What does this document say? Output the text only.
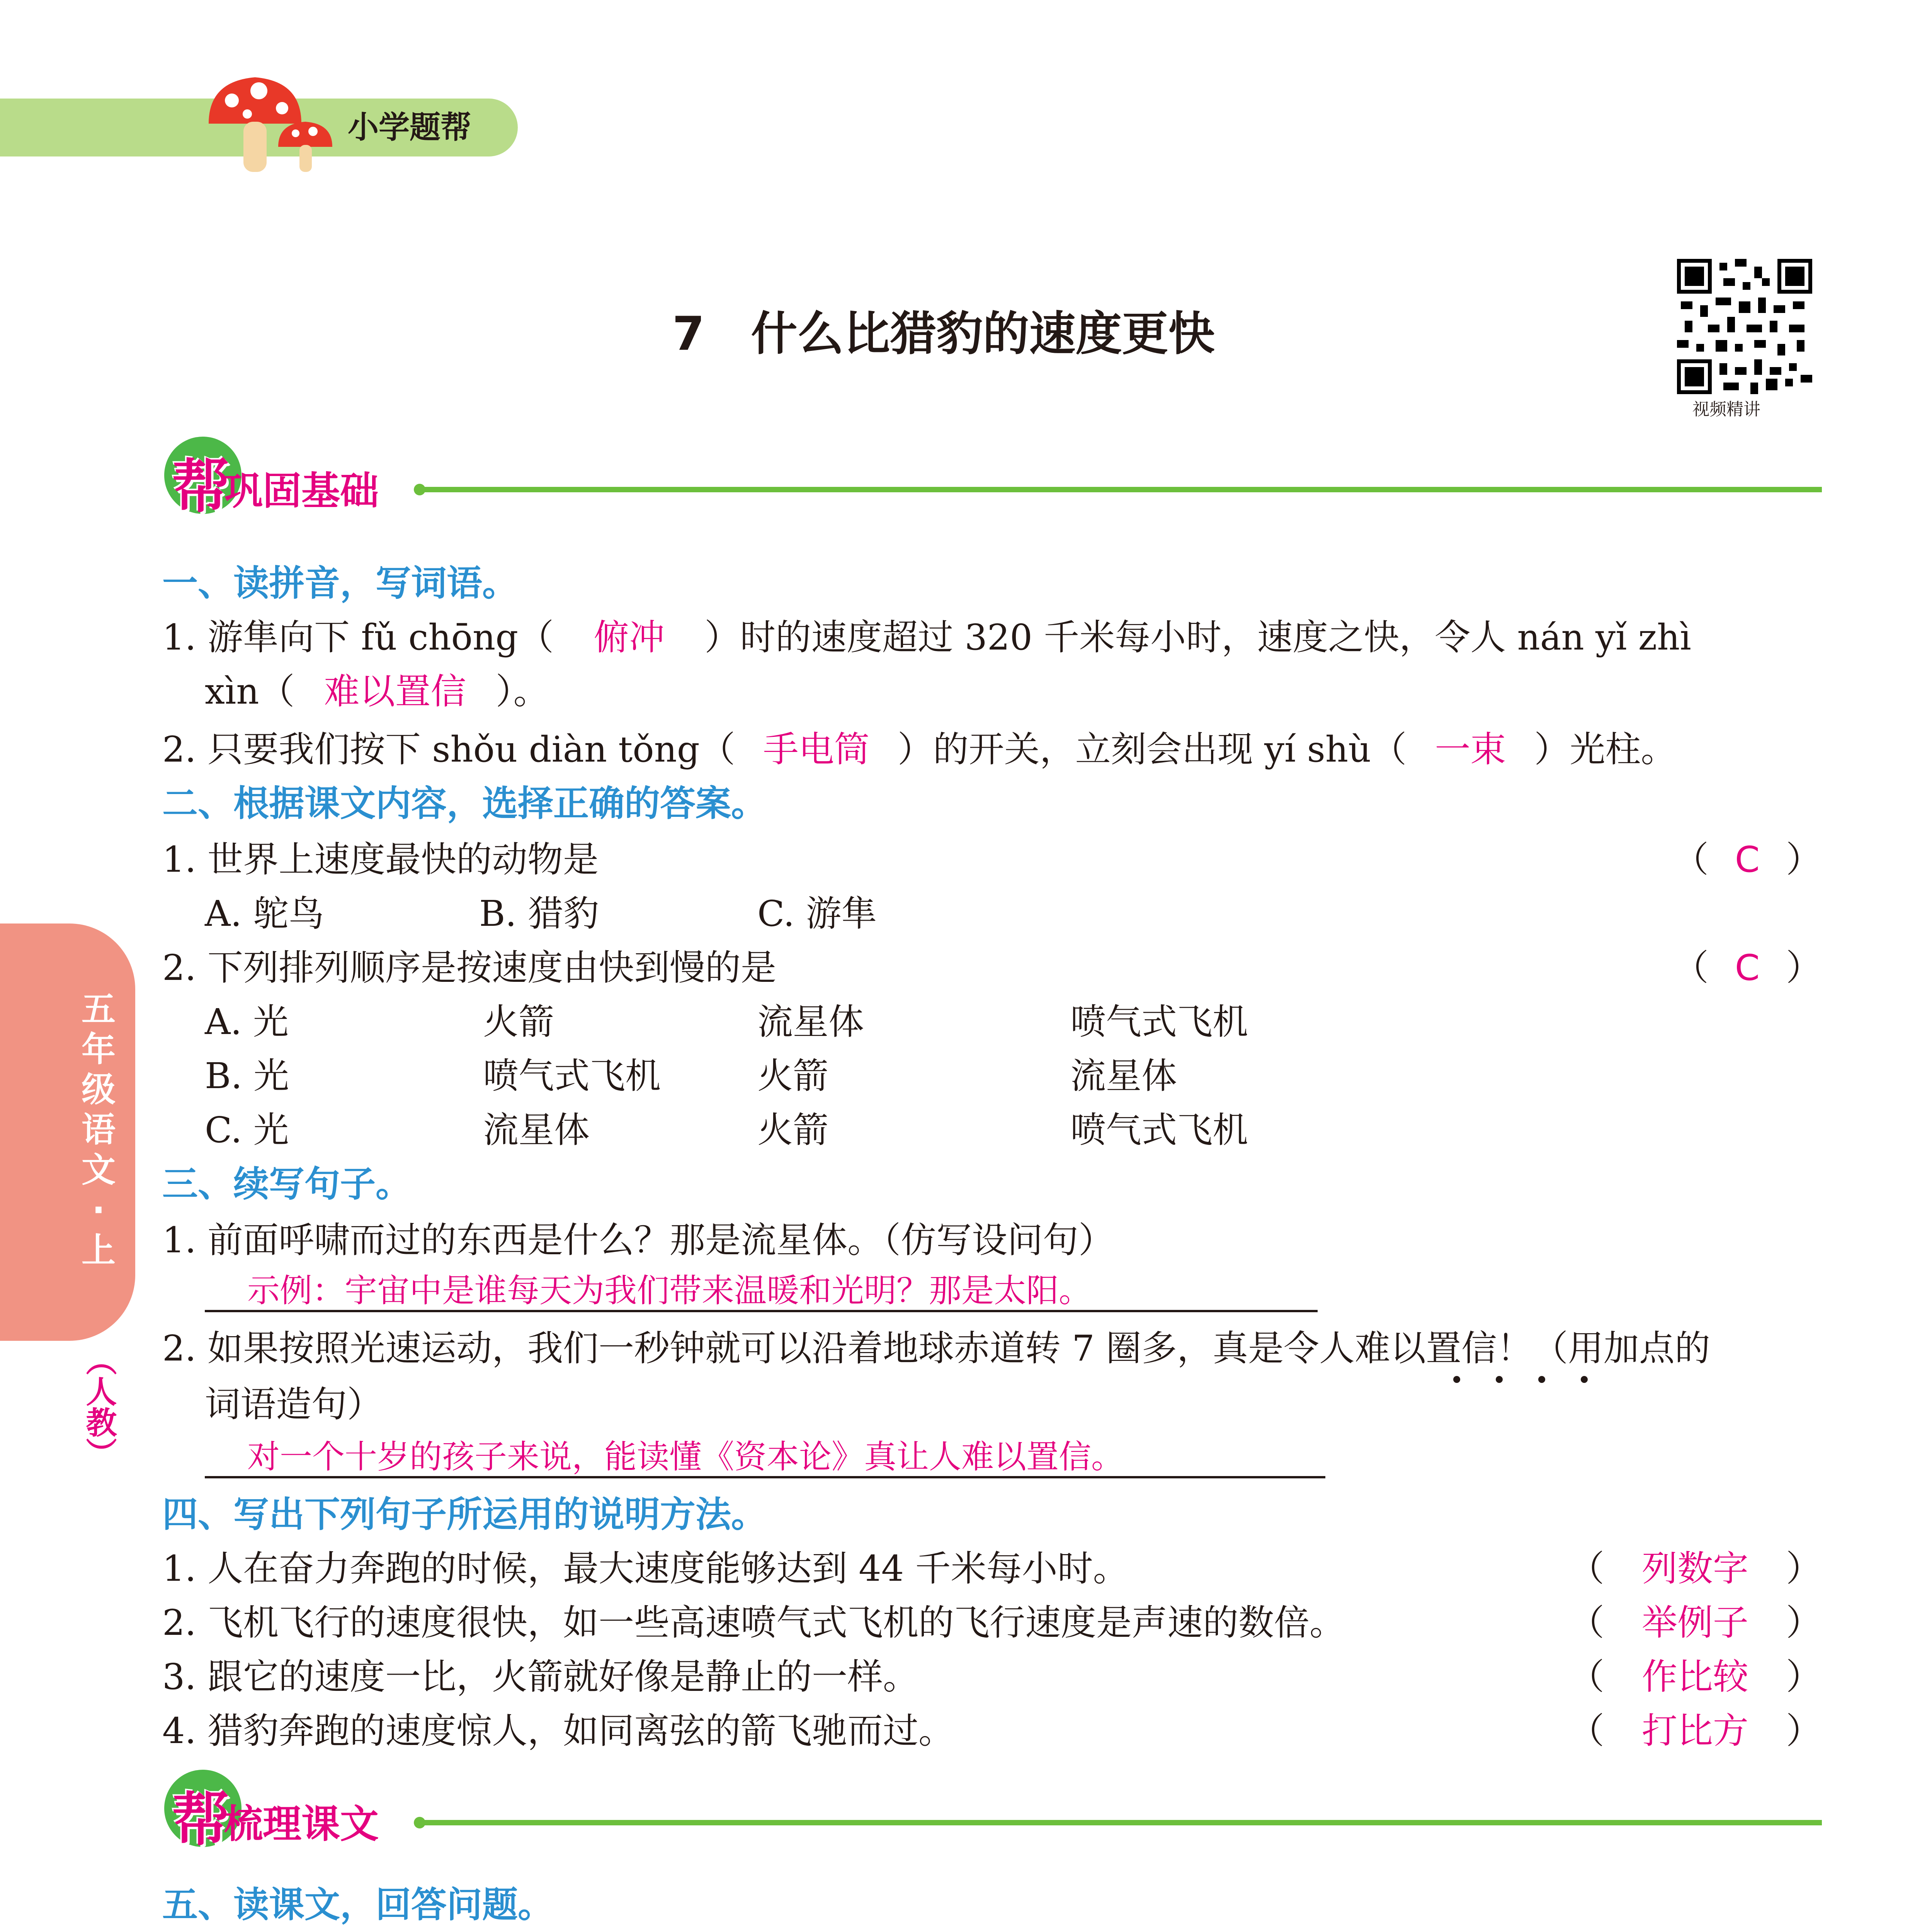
小学题帮
7　什么比猎豹的速度更快
视频精讲
五年级语文·上
（人教）
帮
巩固基础
一、读拼音，写词语。
1. 游隼向下 fǔ chōng（ 俯冲 ）时的速度超过 320 千米每小时，速度之快，令人 nán yǐ zhì
xìn（ 难以置信 ）。
2. 只要我们按下 shǒu diàn tǒng（ 手电筒 ）的开关，立刻会出现 yí shù（ 一束 ）光柱。
二、根据课文内容，选择正确的答案。
1. 世界上速度最快的动物是	（ C ）
A. 鸵鸟	B. 猎豹	C. 游隼
2. 下列排列顺序是按速度由快到慢的是	（ C ）
A. 光	火箭	流星体	喷气式飞机
B. 光	喷气式飞机	火箭	流星体
C. 光	流星体	火箭	喷气式飞机
三、续写句子。
1. 前面呼啸而过的东西是什么？那是流星体。（仿写设问句）
示例：宇宙中是谁每天为我们带来温暖和光明？那是太阳。
2. 如果按照光速运动，我们一秒钟就可以沿着地球赤道转 7 圈多，真是令人难以置信！（用加点的
词语造句）
对一个十岁的孩子来说，能读懂《资本论》真让人难以置信。
四、写出下列句子所运用的说明方法。
1. 人在奋力奔跑的时候，最大速度能够达到 44 千米每小时。	（ 列数字 ）
2. 飞机飞行的速度很快，如一些高速喷气式飞机的飞行速度是声速的数倍。	（ 举例子 ）
3. 跟它的速度一比，火箭就好像是静止的一样。	（ 作比较 ）
4. 猎豹奔跑的速度惊人，如同离弦的箭飞驰而过。	（ 打比方 ）
帮
梳理课文
五、读课文，回答问题。
